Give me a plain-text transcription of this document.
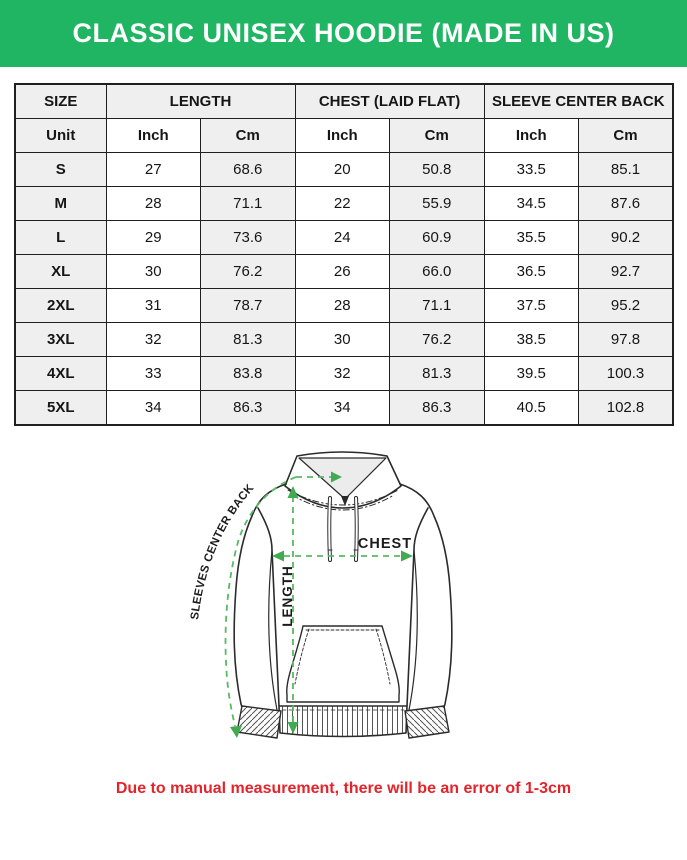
CLASSIC UNISEX HOODIE (MADE IN US)
SIZE	LENGTH		CHEST (LAID FLAT)		SLEEVE CENTER BACK	
Unit	Inch	Cm	Inch	Cm	Inch	Cm
S	27	68.6	20	50.8	33.5	85.1
M	28	71.1	22	55.9	34.5	87.6
L	29	73.6	24	60.9	35.5	90.2
XL	30	76.2	26	66.0	36.5	92.7
2XL	31	78.7	28	71.1	37.5	95.2
3XL	32	81.3	30	76.2	38.5	97.8
4XL	33	83.8	32	81.3	39.5	100.3
5XL	34	86.3	34	86.3	40.5	102.8
CHEST
LENGTH
SLEEVES CENTER BACK
Due to manual measurement, there will be an error of 1-3cm
